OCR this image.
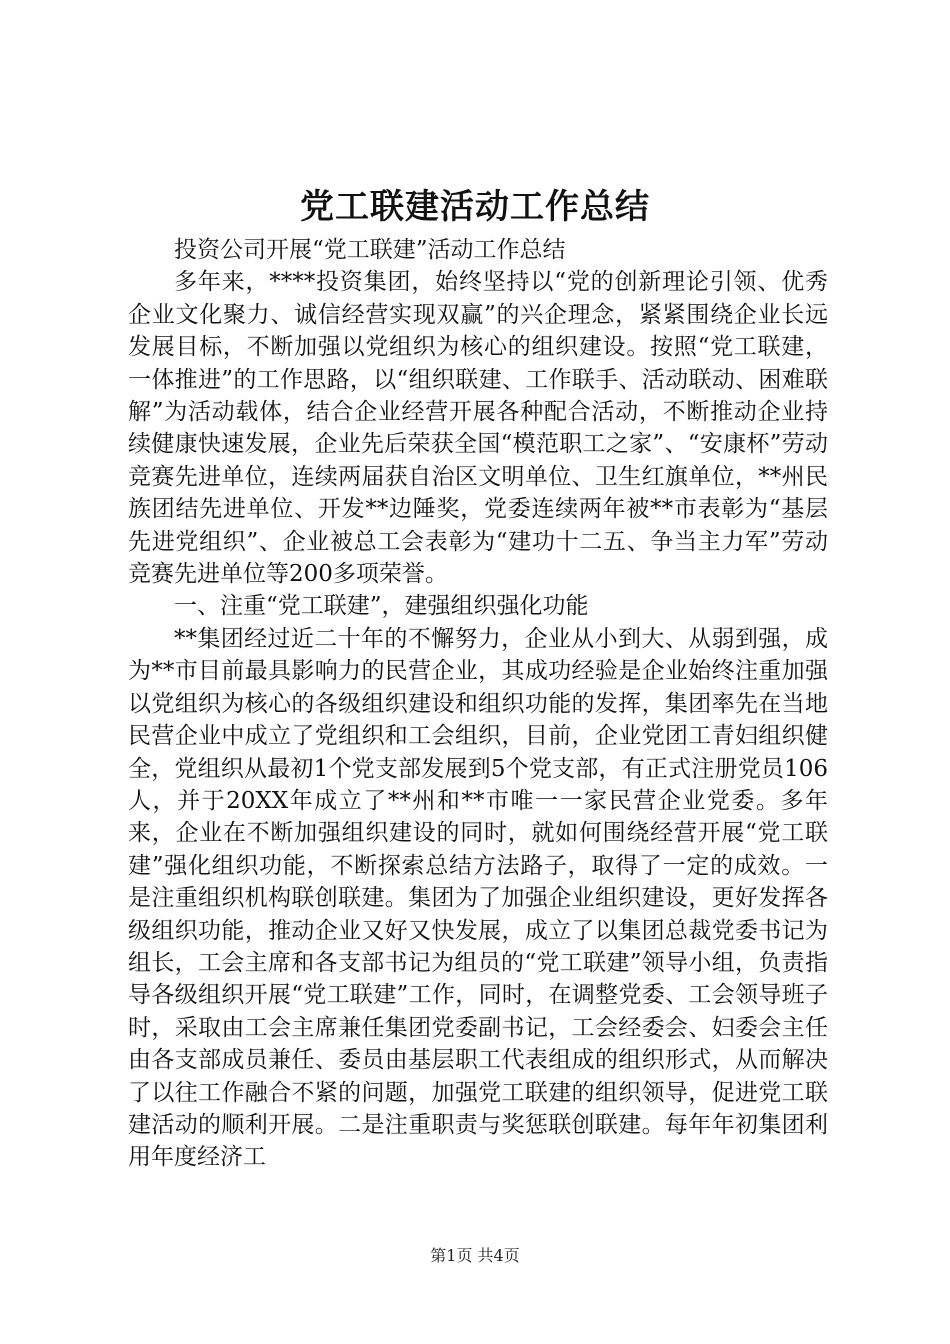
党工联建活动工作总结

投资公司开展“党工联建”活动工作总结

多年来，****投资集团，始终坚持以“党的创新理论引领、优秀企业文化聚力、诚信经营实现双赢”的兴企理念，紧紧围绕企业长远发展目标，不断加强以党组织为核心的组织建设。按照“党工联建，一体推进”的工作思路，以“组织联建、工作联手、活动联动、困难联解”为活动载体，结合企业经营开展各种配合活动，不断推动企业持续健康快速发展，企业先后荣获全国“模范职工之家”、“安康杯”劳动竞赛先进单位，连续两届获自治区文明单位、卫生红旗单位，**州民族团结先进单位、开发**边陲奖，党委连续两年被**市表彰为“基层先进党组织”、企业被总工会表彰为“建功十二五、争当主力军”劳动竞赛先进单位等200多项荣誉。

一、注重“党工联建”，建强组织强化功能

**集团经过近二十年的不懈努力，企业从小到大、从弱到强，成为**市目前最具影响力的民营企业，其成功经验是企业始终注重加强以党组织为核心的各级组织建设和组织功能的发挥，集团率先在当地民营企业中成立了党组织和工会组织，目前，企业党团工青妇组织健全，党组织从最初1个党支部发展到5个党支部，有正式注册党员106人，并于20XX年成立了**州和**市唯一一家民营企业党委。多年来，企业在不断加强组织建设的同时，就如何围绕经营开展“党工联建”强化组织功能，不断探索总结方法路子，取得了一定的成效。一是注重组织机构联创联建。集团为了加强企业组织建设，更好发挥各级组织功能，推动企业又好又快发展，成立了以集团总裁党委书记为组长，工会主席和各支部书记为组员的“党工联建”领导小组，负责指导各级组织开展“党工联建”工作，同时，在调整党委、工会领导班子时，采取由工会主席兼任集团党委副书记，工会经委会、妇委会主任由各支部成员兼任、委员由基层职工代表组成的组织形式，从而解决了以往工作融合不紧的问题，加强党工联建的组织领导，促进党工联建活动的顺利开展。二是注重职责与奖惩联创联建。每年年初集团利用年度经济工

第1页 共4页
